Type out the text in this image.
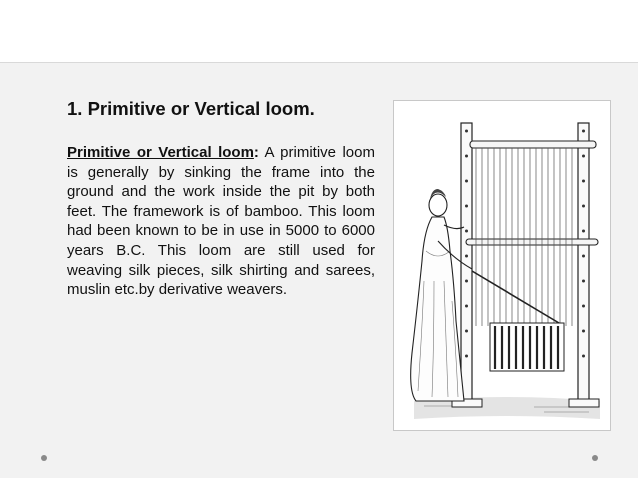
1. Primitive or Vertical loom.

Primitive or Vertical loom: A primitive loom is generally by sinking the frame into the ground and the work inside the pit by both feet. The framework is of bamboo. This loom had been known to be in use in 5000 to 6000 years B.C. This loom are still used for weaving silk pieces, silk shirting and sarees, muslin etc.by derivative weavers.
